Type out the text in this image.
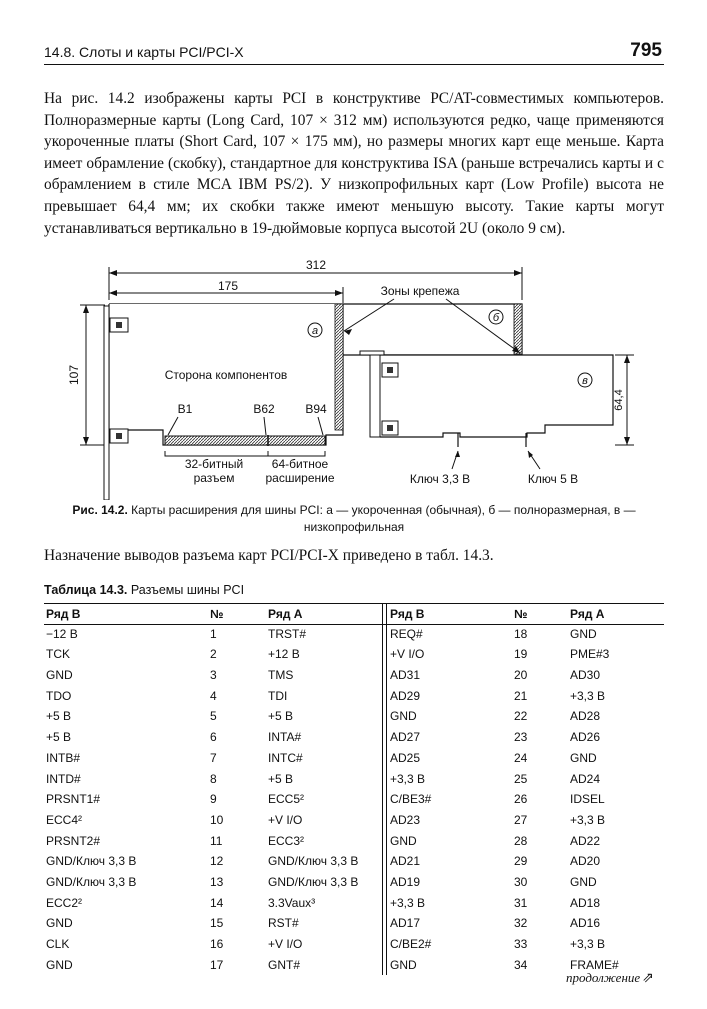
14.8. Слоты и карты PCI/PCI-X	795

На рис. 14.2 изображены карты PCI в конструктиве PC/AT-совместимых компьютеров. Полноразмерные карты (Long Card, 107 × 312 мм) используются редко, чаще применяются укороченные платы (Short Card, 107 × 175 мм), но размеры многих карт еще меньше. Карта имеет обрамление (скобку), стандартное для конструктива ISA (раньше встречались карты и с обрамлением в стиле MCA IBM PS/2). У низкопрофильных карт (Low Profile) высота не превышает 64,4 мм; их скобки также имеют меньшую высоту. Такие карты могут устанавливаться вертикально в 19-дюймовые корпуса высотой 2U (около 9 см).

312
175
107
B1	B62	B94
Сторона компонентов
а
б
Зоны крепежа
в
64,4
32-битный
разъем
64-битное
расширение	Ключ 3,3 В	Ключ 5 В
Рис. 14.2. Карты расширения для шины PCI: а — укороченная (обычная), б — полноразмерная, в — низкопрофильная

Назначение выводов разъема карт PCI/PCI-X приведено в табл. 14.3.

Таблица 14.3. Разъемы шины PCI
Ряд В	№	Ряд А	Ряд В	№	Ряд А
−12 В	1	TRST#	REQ#	18	GND
TCK	2	+12 В	+V I/O	19	PME#3
GND	3	TMS	AD31	20	AD30
TDO	4	TDI	AD29	21	+3,3 В
+5 В	5	+5 В	GND	22	AD28
+5 В	6	INTA#	AD27	23	AD26
INTB#	7	INTC#	AD25	24	GND
INTD#	8	+5 В	+3,3 В	25	AD24
PRSNT1#	9	ECC5²	C/BE3#	26	IDSEL
ECC4²	10	+V I/O	AD23	27	+3,3 В
PRSNT2#	11	ECC3²	GND	28	AD22
GND/Ключ 3,3 В	12	GND/Ключ 3,3 В	AD21	29	AD20
GND/Ключ 3,3 В	13	GND/Ключ 3,3 В	AD19	30	GND
ECC2²	14	3.3Vaux³	+3,3 В	31	AD18
GND	15	RST#	AD17	32	AD16
CLK	16	+V I/O	C/BE2#	33	+3,3 В
GND	17	GNT#	GND	34	FRAME#
продолжение ⇗
